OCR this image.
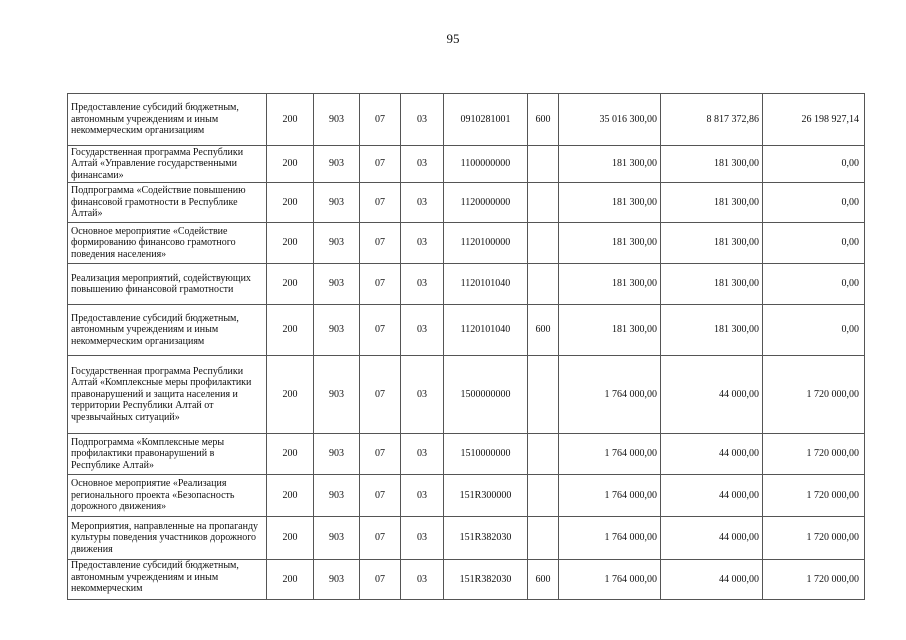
95
Предоставление субсидий бюджетным, автономным учреждениям и иным некоммерческим организациям	200	903	07	03	0910281001	600	35 016 300,00	8 817 372,86	26 198 927,14
Государственная программа Республики Алтай «Управление государственными финансами»	200	903	07	03	1100000000		181 300,00	181 300,00	0,00
Подпрограмма «Содействие повышению финансовой грамотности в Республике Алтай»	200	903	07	03	1120000000		181 300,00	181 300,00	0,00
Основное мероприятие «Содействие формированию финансово грамотного поведения населения»	200	903	07	03	1120100000		181 300,00	181 300,00	0,00
Реализация мероприятий, содействующих повышению финансовой грамотности	200	903	07	03	1120101040		181 300,00	181 300,00	0,00
Предоставление субсидий бюджетным, автономным учреждениям и иным некоммерческим организациям	200	903	07	03	1120101040	600	181 300,00	181 300,00	0,00
Государственная программа Республики Алтай «Комплексные меры профилактики правонарушений и защита населения и территории Республики Алтай от чрезвычайных ситуаций»	200	903	07	03	1500000000		1 764 000,00	44 000,00	1 720 000,00
Подпрограмма «Комплексные меры профилактики правонарушений в Республике Алтай»	200	903	07	03	1510000000		1 764 000,00	44 000,00	1 720 000,00
Основное мероприятие «Реализация регионального проекта «Безопасность дорожного движения»	200	903	07	03	151R300000		1 764 000,00	44 000,00	1 720 000,00
Мероприятия, направленные на пропаганду культуры поведения участников дорожного движения	200	903	07	03	151R382030		1 764 000,00	44 000,00	1 720 000,00
Предоставление субсидий бюджетным, автономным учреждениям и иным некоммерческим	200	903	07	03	151R382030	600	1 764 000,00	44 000,00	1 720 000,00
